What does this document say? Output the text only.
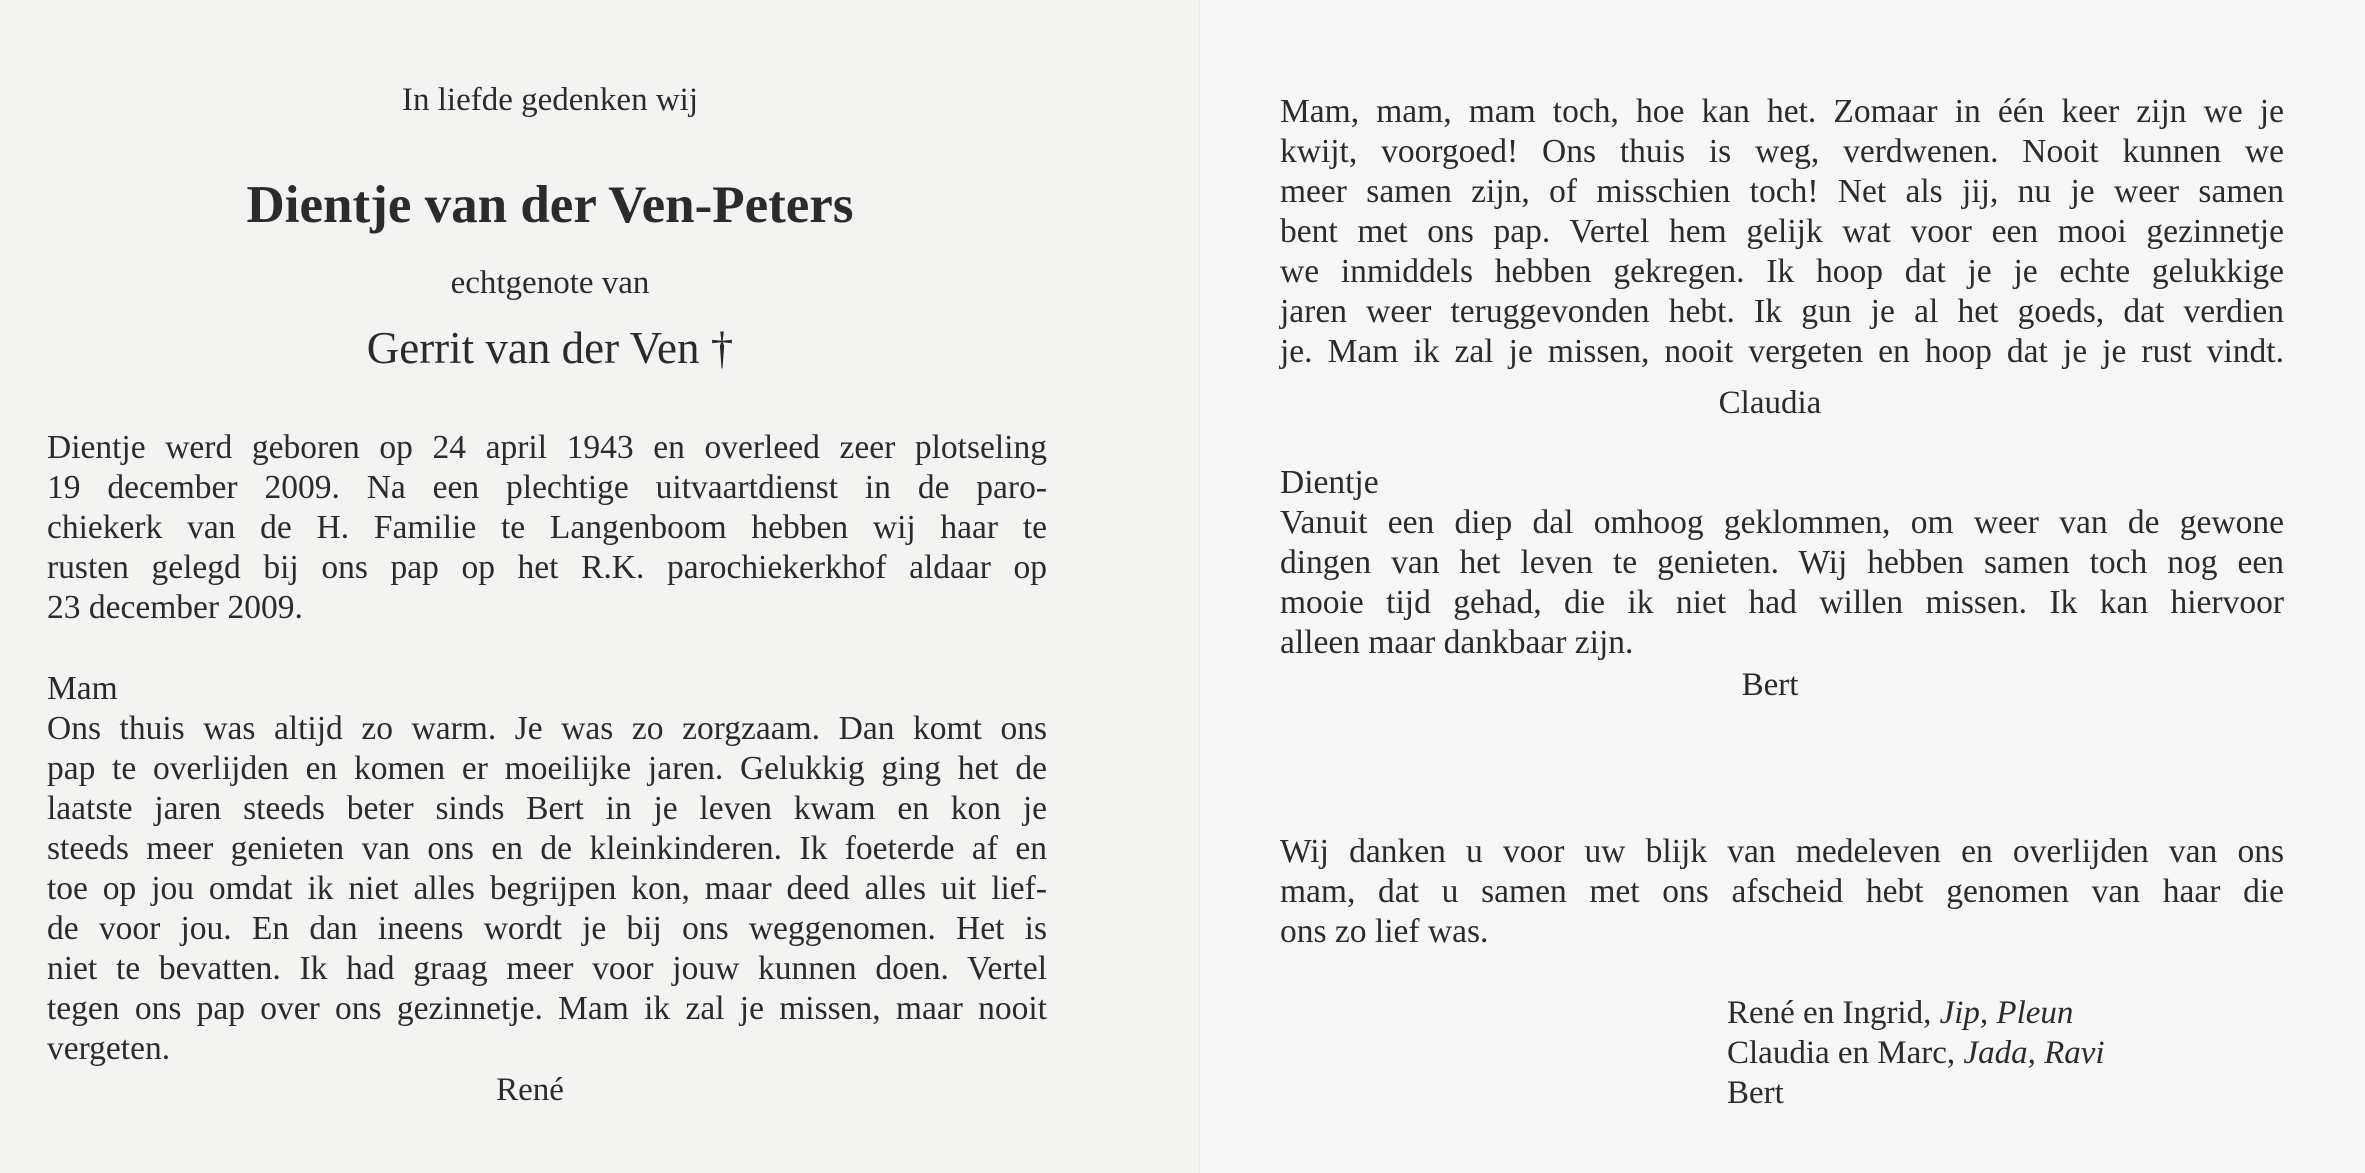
In liefde gedenken wij
Dientje van der Ven-Peters
echtgenote van
Gerrit van der Ven †
Dientje werd geboren op 24 april 1943 en overleed zeer plotseling
19 december 2009. Na een plechtige uitvaartdienst in de paro-
chiekerk van de H. Familie te Langenboom hebben wij haar te
rusten gelegd bij ons pap op het R.K. parochiekerkhof aldaar op
23 december 2009.
Mam
Ons thuis was altijd zo warm. Je was zo zorgzaam. Dan komt ons
pap te overlijden en komen er moeilijke jaren. Gelukkig ging het de
laatste jaren steeds beter sinds Bert in je leven kwam en kon je
steeds meer genieten van ons en de kleinkinderen. Ik foeterde af en
toe op jou omdat ik niet alles begrijpen kon, maar deed alles uit lief-
de voor jou. En dan ineens wordt je bij ons weggenomen. Het is
niet te bevatten. Ik had graag meer voor jouw kunnen doen. Vertel
tegen ons pap over ons gezinnetje. Mam ik zal je missen, maar nooit
vergeten.
René
Mam, mam, mam toch, hoe kan het. Zomaar in één keer zijn we je
kwijt, voorgoed! Ons thuis is weg, verdwenen. Nooit kunnen we
meer samen zijn, of misschien toch! Net als jij, nu je weer samen
bent met ons pap. Vertel hem gelijk wat voor een mooi gezinnetje
we inmiddels hebben gekregen. Ik hoop dat je je echte gelukkige
jaren weer teruggevonden hebt. Ik gun je al het goeds, dat verdien
je. Mam ik zal je missen, nooit vergeten en hoop dat je je rust vindt.
Claudia
Dientje
Vanuit een diep dal omhoog geklommen, om weer van de gewone
dingen van het leven te genieten. Wij hebben samen toch nog een
mooie tijd gehad, die ik niet had willen missen. Ik kan hiervoor
alleen maar dankbaar zijn.
Bert
Wij danken u voor uw blijk van medeleven en overlijden van ons
mam, dat u samen met ons afscheid hebt genomen van haar die
ons zo lief was.
René en Ingrid, Jip, Pleun
Claudia en Marc, Jada, Ravi
Bert
